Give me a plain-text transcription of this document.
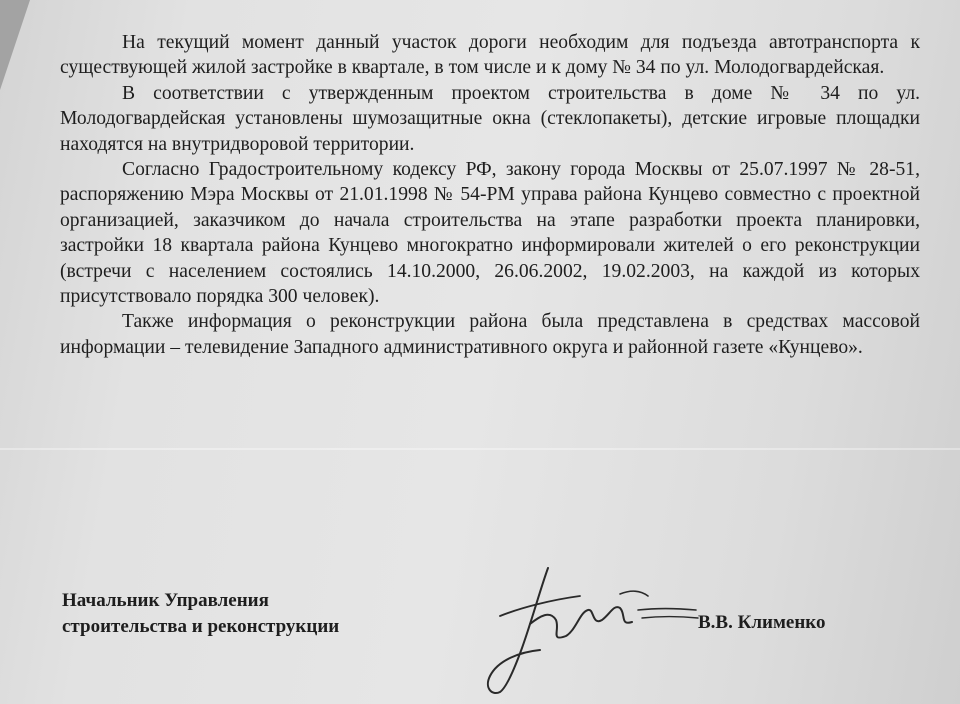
На текущий момент данный участок дороги необходим для подъезда автотранспорта к существующей жилой застройке в квартале, в том числе и к дому № 34 по ул. Молодогвардейская.

В соответствии с утвержденным проектом строительства в доме № 34 по ул. Молодогвардейская установлены шумозащитные окна (стеклопакеты), детские игровые площадки находятся на внутридворовой территории.

Согласно Градостроительному кодексу РФ, закону города Москвы от 25.07.1997 № 28-51, распоряжению Мэра Москвы от 21.01.1998 № 54-РМ управа района Кунцево совместно с проектной организацией, заказчиком до начала строительства на этапе разработки проекта планировки, застройки 18 квартала района Кунцево многократно информировали жителей о его реконструкции (встречи с населением состоялись 14.10.2000, 26.06.2002, 19.02.2003, на каждой из которых присутствовало порядка 300 человек).

Также информация о реконструкции района была представлена в средствах массовой информации – телевидение Западного административного округа и районной газете «Кунцево».

Начальник Управления
строительства и реконструкции	В.В. Клименко
